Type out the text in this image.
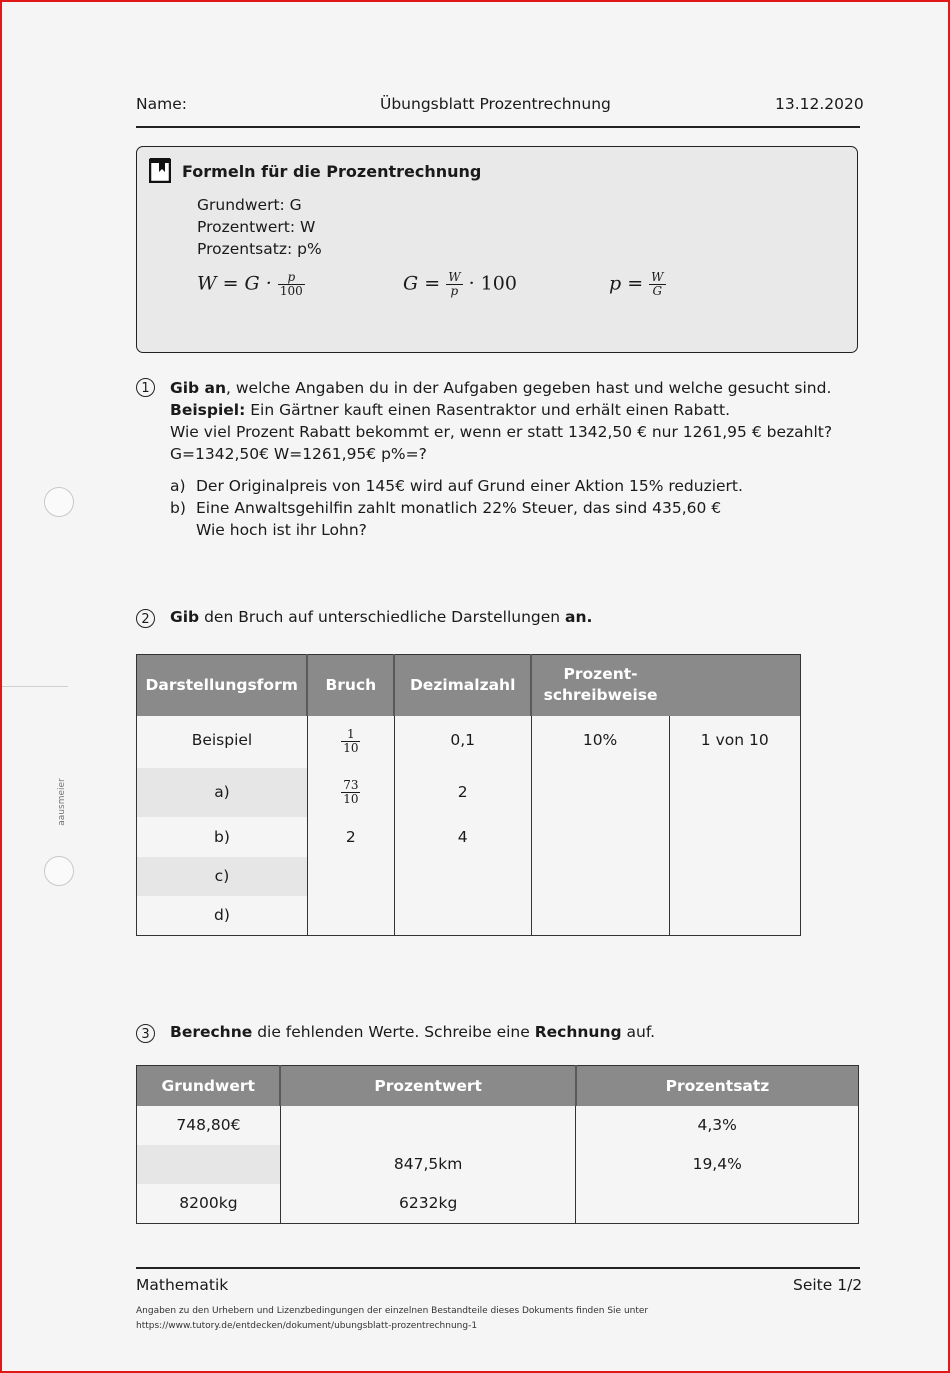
Name:	Übungsblatt Prozentrechnung	13.12.2020
Formeln für die Prozentrechnung
Grundwert: G
Prozentwert: W
Prozentsatz: p%
$W = G \cdot \frac{p}{100}$	$G = \frac{W}{p} \cdot 100$	$p = \frac{W}{G}$
aausmeier
1	Gib an, welche Angaben du in der Aufgaben gegeben hast und welche gesucht sind.
Beispiel: Ein Gärtner kauft einen Rasentraktor und erhält einen Rabatt.
Wie viel Prozent Rabatt bekommt er, wenn er statt 1342,50 € nur 1261,95 € bezahlt?
G=1342,50€ W=1261,95€ p%=?
a) Der Originalpreis von 145€ wird auf Grund einer Aktion 15% reduziert.
b) Eine Anwaltsgehilfin zahlt monatlich 22% Steuer, das sind 435,60 €
Wie hoch ist ihr Lohn?
2	Gib den Bruch auf unterschiedliche Darstellungen an.
Darstellungsform	Bruch	Dezimalzahl	Prozent-
schreibweise	
Beispiel	$\frac{1}{10}$	0,1	10%	1 von 10
a)	$\frac{73}{10}$	2		
b)	2	4		
c)				
d)				
3	Berechne die fehlenden Werte. Schreibe eine Rechnung auf.
Grundwert	Prozentwert	Prozentsatz
748,80€		4,3%
	847,5km	19,4%
8200kg	6232kg	
Mathematik	Seite 1/2
Angaben zu den Urhebern und Lizenzbedingungen der einzelnen Bestandteile dieses Dokuments finden Sie unter
https://www.tutory.de/entdecken/dokument/ubungsblatt-prozentrechnung-1
